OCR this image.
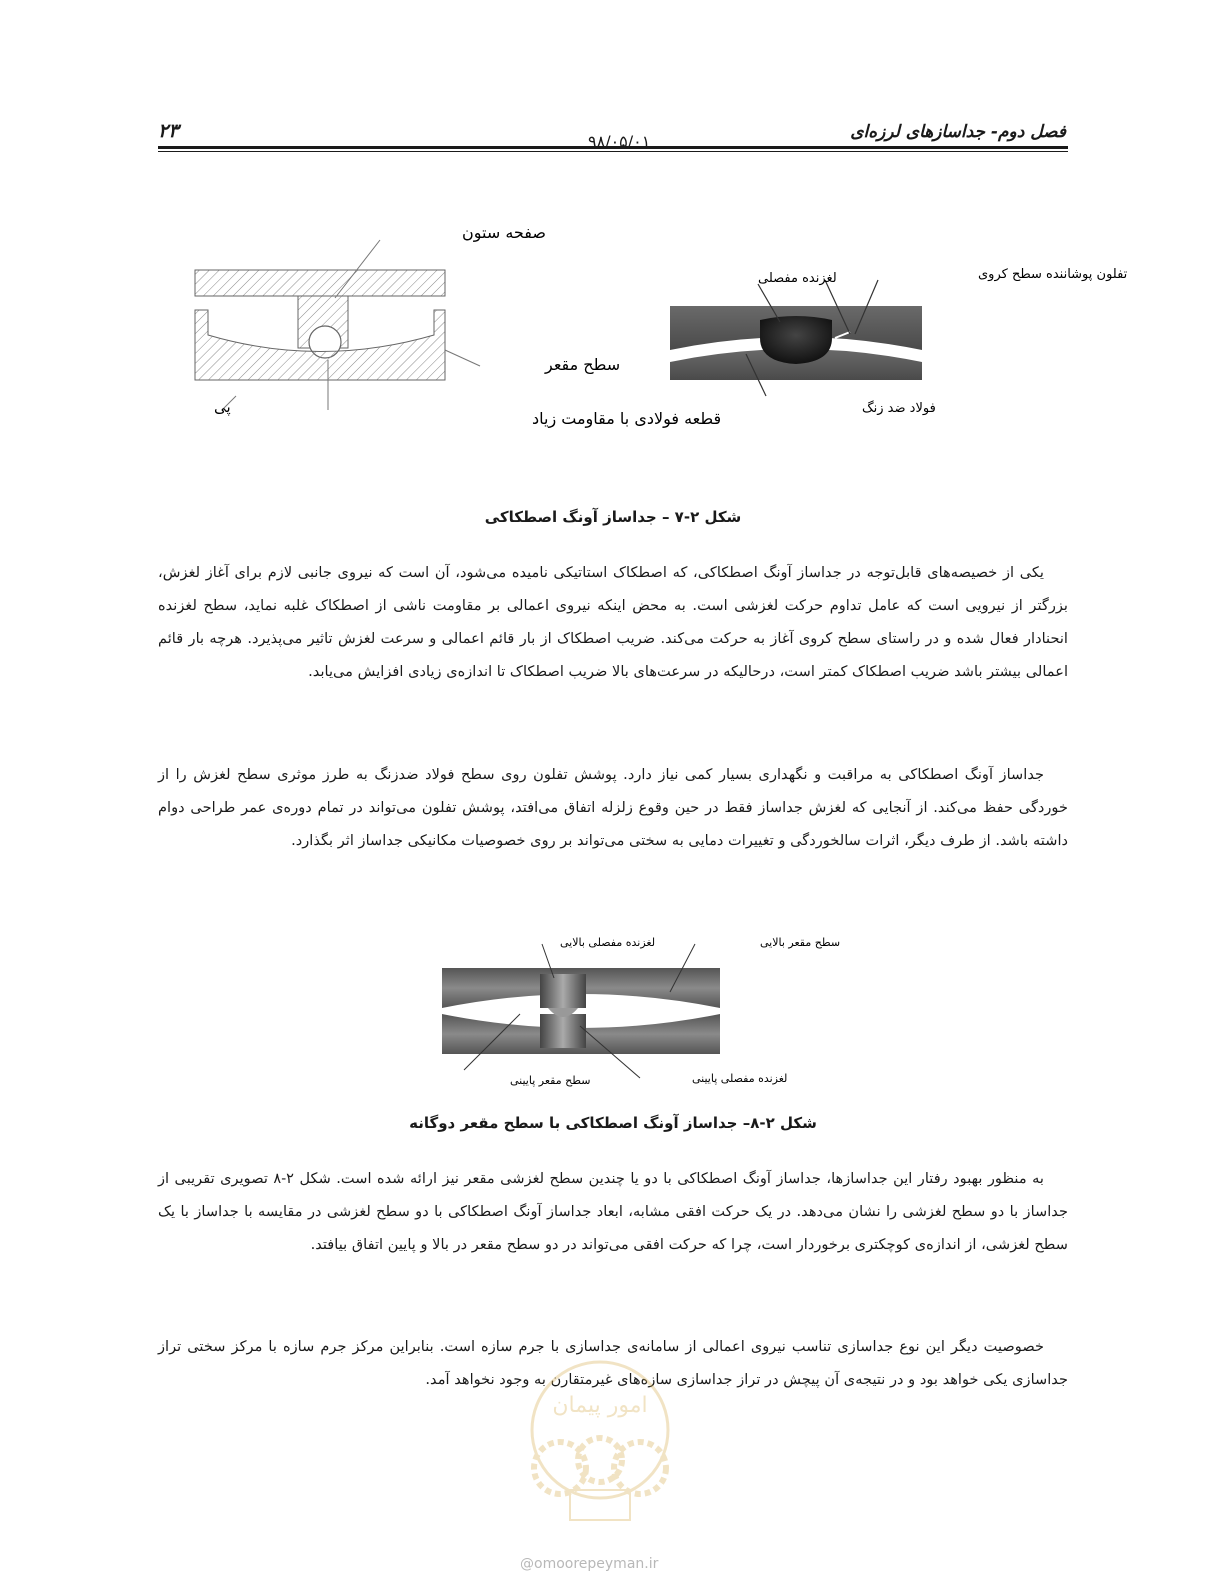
فصل دوم- جداسازهای لرزه‌ای
۲۳	۹۸/۰۵/۰۱
صفحه ستون
سطح مقعر
پی
قطعه فولادی با مقاومت زیاد
لغزنده مفصلی	تفلون پوشاننده سطح کروی
فولاد ضد زنگ
شکل ۲-۷ – جداساز آونگ اصطکاکی
یکی از خصیصه‌های قابل‌توجه در جداساز آونگ اصطکاکی، که اصطکاک استاتیکی نامیده می‌شود، آن است که نیروی جانبی لازم برای آغاز لغزش، بزرگتر از نیرویی است که عامل تداوم حرکت لغزشی است. به محض اینکه نیروی اعمالی بر مقاومت ناشی از اصطکاک غلبه نماید، سطح لغزنده انحنادار فعال شده و در راستای سطح کروی آغاز به حرکت می‌کند. ضریب اصطکاک از بار قائم اعمالی و سرعت لغزش تاثیر می‌پذیرد. هرچه بار قائم اعمالی بیشتر باشد ضریب اصطکاک کمتر است، درحالیکه در سرعت‌های بالا ضریب اصطکاک تا اندازه‌ی زیادی افزایش می‌یابد.
جداساز آونگ اصطکاکی به مراقبت و نگهداری بسیار کمی نیاز دارد. پوشش تفلون روی سطح فولاد ضدزنگ به طرز موثری سطح لغزش را از خوردگی حفظ می‌کند. از آنجایی که لغزش جداساز فقط در حین وقوع زلزله اتفاق می‌افتد، پوشش تفلون می‌تواند در تمام دوره‌ی عمر طراحی دوام داشته باشد. از طرف دیگر، اثرات سالخوردگی و تغییرات دمایی به سختی می‌تواند بر روی خصوصیات مکانیکی جداساز اثر بگذارد.
لغزنده مفصلی بالایی	سطح مقعر بالایی
سطح مقعر پایینی	لغزنده مفصلی پایینی
شکل ۲-۸– جداساز آونگ اصطکاکی با سطح مقعر دوگانه
به منظور بهبود رفتار این جداسازها، جداساز آونگ اصطکاکی با دو یا چندین سطح لغزشی مقعر نیز ارائه شده است. شکل ۲-۸ تصویری تقریبی از جداساز با دو سطح لغزشی را نشان می‌دهد. در یک حرکت افقی مشابه، ابعاد جداساز آونگ اصطکاکی با دو سطح لغزشی در مقایسه با جداساز با یک سطح لغزشی، از اندازه‌ی کوچکتری برخوردار است، چرا که حرکت افقی می‌تواند در دو سطح مقعر در بالا و پایین اتفاق بیافتد.
خصوصیت دیگر این نوع جداسازی تناسب نیروی اعمالی از سامانه‌ی جداسازی با جرم سازه است. بنابراین مرکز جرم سازه با مرکز سختی تراز جداسازی یکی خواهد بود و در نتیجه‌ی آن پیچش در تراز جداسازی سازه‌های غیرمتقارن به وجود نخواهد آمد.
امور پیمان
@omoorepeyman.ir
